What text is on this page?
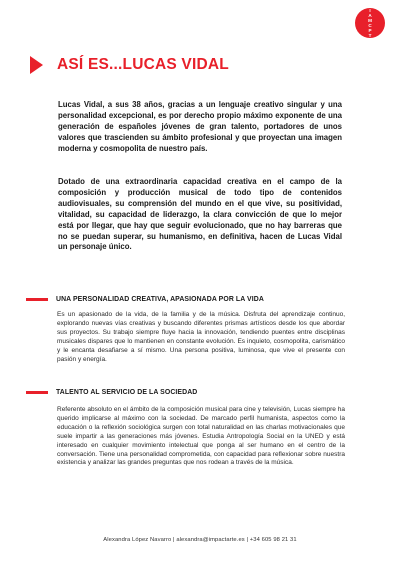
I
A
M
C
P
T
ASÍ ES...LUCAS VIDAL

Lucas Vidal, a sus 38 años, gracias a un lenguaje creativo singular y una personalidad excepcional, es por derecho propio máximo exponente de una generación de españoles jóvenes de gran talento, portadores de unos valores que trascienden su ámbito profesional y que proyectan una imagen moderna y cosmopolita de nuestro país.

Dotado de una extraordinaria capacidad creativa en el campo de la composición y producción musical de todo tipo de contenidos audiovisuales, su comprensión del mundo en el que vive, su positividad, vitalidad, su capacidad de liderazgo, la clara convicción de que lo mejor está por llegar, que hay que seguir evolucionado, que no hay barreras que no se puedan superar, su humanismo, en definitiva, hacen de Lucas Vidal un personaje único.

UNA PERSONALIDAD CREATIVA, APASIONADA POR LA VIDA

Es un apasionado de la vida, de la familia y de la música. Disfruta del aprendizaje continuo, explorando nuevas vías creativas y buscando diferentes prismas artísticos desde los que abordar sus proyectos. Su trabajo siempre fluye hacia la innovación, tendiendo puentes entre disciplinas musicales dispares que lo mantienen en constante evolución. Es inquieto, cosmopolita, carismático y le encanta desafiarse a sí mismo. Una persona positiva, luminosa, que vive el presente con pasión y energía.

TALENTO AL SERVICIO DE LA SOCIEDAD

Referente absoluto en el ámbito de la composición musical para cine y televisión, Lucas siempre ha querido implicarse al máximo con la sociedad. De marcado perfil humanista, aspectos como la educación o la reflexión sociológica surgen con total naturalidad en las charlas motivacionales que suele impartir a las generaciones más jóvenes. Estudia Antropología Social en la UNED y está interesado en cualquier movimiento intelectual que ponga al ser humano en el centro de la conversación. Tiene una personalidad comprometida, con capacidad para reflexionar sobre nuestra existencia y analizar las grandes preguntas que nos rodean a través de la música.

Alexandra López Navarro | alexandra@impactarte.es | +34 605 98 21 31
